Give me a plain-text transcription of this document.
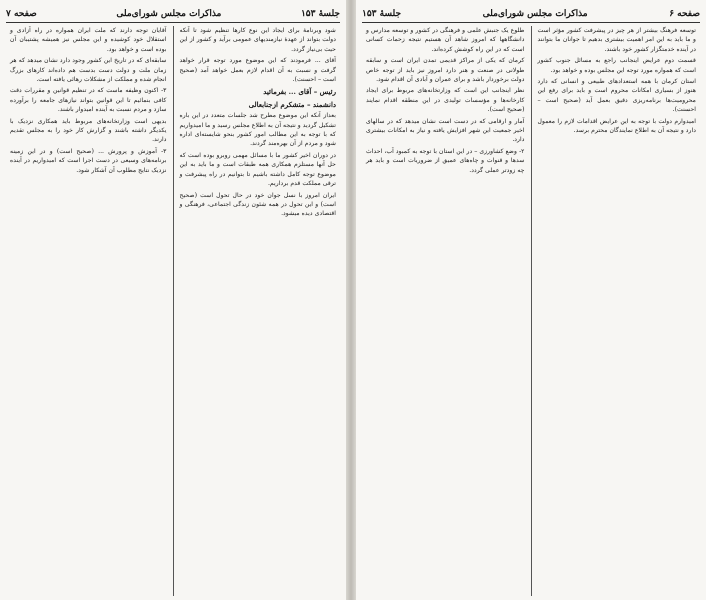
جلسهٔ ۱۵۳
مذاکرات مجلس شورای‌ملی
صفحه ۷

شود وبرنامهٔ برای ایجاد این نوع کارها تنظیم شود تا آنکه دولت بتواند از عهدهٔ نیازمندیهای عمومی برآید و کشور از این حیث بی‌نیاز گردد.

آقای ... فرمودند که این موضوع مورد توجه قرار خواهد گرفت و نسبت به آن اقدام لازم بعمل خواهد آمد (صحیح است – احسنت).

رئیس – آقای ... بفرمائید
دانشمند – متشکرم ازجنابعالی

بعداز آنکه این موضوع مطرح شد جلسات متعدد در این باره تشکیل گردید و نتیجه آن به اطلاع مجلس رسید و ما امیدواریم که با توجه به این مطالب امور کشور بنحو شایسته‌ای اداره شود و مردم از آن بهره‌مند گردند.

در دوران اخیر کشور ما با مسائل مهمی روبرو بوده است که حل آنها مستلزم همکاری همه طبقات است و ما باید به این موضوع توجه کامل داشته باشیم تا بتوانیم در راه پیشرفت و ترقی مملکت قدم برداریم.

ایران امروز با نسل جوان خود در حال تحول است (صحیح است) و این تحول در همه شئون زندگی اجتماعی، فرهنگی و اقتصادی دیده میشود.

آقایان توجه دارند که ملت ایران همواره در راه آزادی و استقلال خود کوشیده و این مجلس نیز همیشه پشتیبان آن بوده است و خواهد بود.

سابقه‌ای که در تاریخ این کشور وجود دارد نشان میدهد که هر زمان ملت و دولت دست بدست هم داده‌اند کارهای بزرگ انجام شده و مملکت از مشکلات رهائی یافته است.

۳- اکنون وظیفه ماست که در تنظیم قوانین و مقررات دقت کافی بنمائیم تا این قوانین بتواند نیازهای جامعه را برآورده سازد و مردم نسبت به آینده امیدوار باشند.

بدیهی است وزارتخانه‌های مربوط باید همکاری نزدیک با یکدیگر داشته باشند و گزارش کار خود را به مجلس تقدیم دارند.

۳- آموزش و پرورش ... (صحیح است) و در این زمینه برنامه‌های وسیعی در دست اجرا است که امیدواریم در آینده نزدیک نتایج مطلوب آن آشکار شود.

صفحه ۶
مذاکرات مجلس شورای‌ملی
جلسهٔ ۱۵۳

توسعه فرهنگ بیشتر از هر چیز در پیشرفت کشور مؤثر است و ما باید به این امر اهمیت بیشتری بدهیم تا جوانان ما بتوانند در آینده خدمتگزار کشور خود باشند.

قسمت دوم عرایض اینجانب راجع به مسائل جنوب کشور است که همواره مورد توجه این مجلس بوده و خواهد بود.

استان کرمان با همه استعدادهای طبیعی و انسانی که دارد هنوز از بسیاری امکانات محروم است و باید برای رفع این محرومیت‌ها برنامه‌ریزی دقیق بعمل آید (صحیح است – احسنت).

امیدوارم دولت با توجه به این عرایض اقدامات لازم را معمول دارد و نتیجه آن به اطلاع نمایندگان محترم برسد.

طلوع یک جنبش علمی و فرهنگی در کشور و توسعه مدارس و دانشگاهها که امروز شاهد آن هستیم نتیجه زحمات کسانی است که در این راه کوشش کرده‌اند.

کرمان که یکی از مراکز قدیمی تمدن ایران است و سابقه طولانی در صنعت و هنر دارد امروز نیز باید از توجه خاص دولت برخوردار باشد و برای عمران و آبادی آن اقدام شود.

نظر اینجانب این است که وزارتخانه‌های مربوط برای ایجاد کارخانه‌ها و مؤسسات تولیدی در این منطقه اقدام نمایند (صحیح است).

آمار و ارقامی که در دست است نشان میدهد که در سالهای اخیر جمعیت این شهر افزایش یافته و نیاز به امکانات بیشتری دارد.

۲- وضع کشاورزی – در این استان با توجه به کمبود آب، احداث سدها و قنوات و چاه‌های عمیق از ضروریات است و باید هر چه زودتر عملی گردد.
